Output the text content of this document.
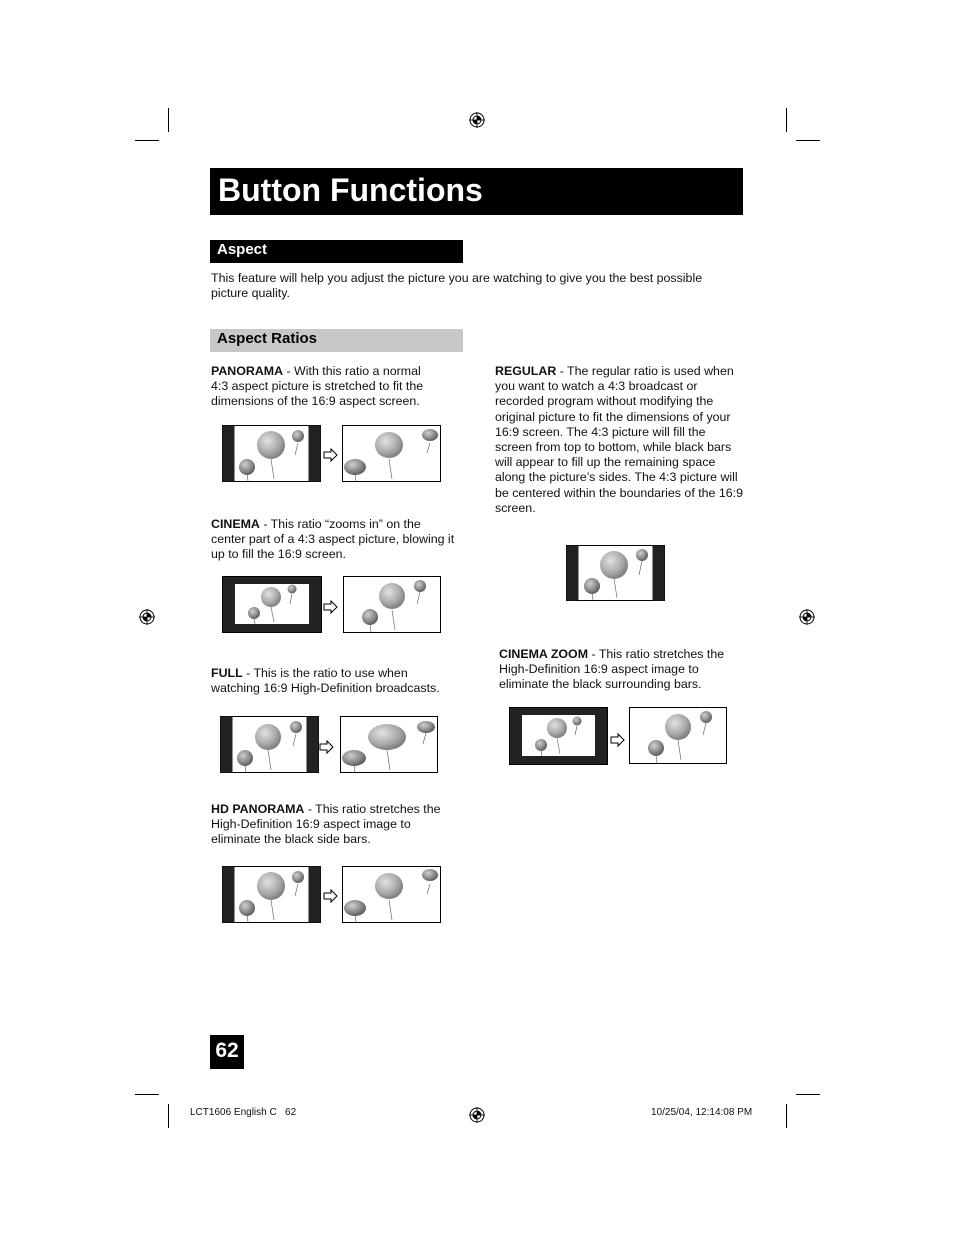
Button Functions
Aspect
This feature will help you adjust the picture you are watching to give you the best possible picture quality.
Aspect Ratios
PANORAMA - With this ratio a normal 4:3 aspect picture is stretched to fit the dimensions of the 16:9 aspect screen.
CINEMA - This ratio “zooms in” on the center part of a 4:3 aspect picture, blowing it up to fill the 16:9 screen.
FULL - This is the ratio to use when watching 16:9 High-Definition broadcasts.
HD PANORAMA - This ratio stretches the High-Definition 16:9 aspect image to eliminate the black side bars.
REGULAR - The regular ratio is used when you want to watch a 4:3 broadcast or recorded program without modifying the original picture to fit the dimensions of your 16:9 screen. The 4:3 picture will fill the screen from top to bottom, while black bars will appear to fill up the remaining space along the picture’s sides. The 4:3 picture will be centered within the boundaries of the 16:9 screen.
CINEMA ZOOM - This ratio stretches the High-Definition 16:9 aspect image to eliminate the black surrounding bars.
62
LCT1606 English C   62	10/25/04, 12:14:08 PM
